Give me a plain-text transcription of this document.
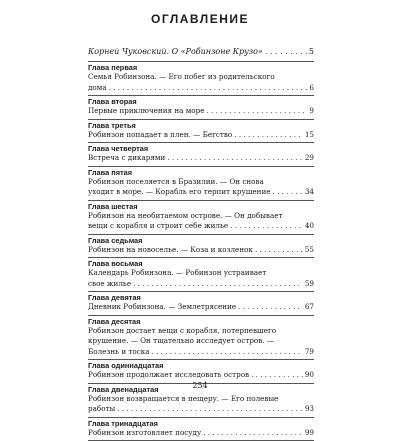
ОГЛАВЛЕНИЕ
Корней Чуковский.
О «Робинзоне Крузо» . . .	5
Глава первая
Семья Робинзона. — Его побег из родительского
дома . . .	6
Глава вторая
Первые приключения на море . . .	9
Глава третья
Робинзон попадает в плен. — Бегство . . .	15
Глава четвертая
Встреча с дикарями . . .	29
Глава пятая
Робинзон поселяется в Бразилии. — Он снова
уходит в море. — Корабль его терпит крушение . . .	34
Глава шестая
Робинзон на необитаемом острове. — Он добывает
вещи с корабля и строит себе жилье . . .	40
Глава седьмая
Робинзон на новоселье. — Коза и козленок . . .	55
Глава восьмая
Календарь Робинзона. — Робинзон устраивает
свое жилье . . .	59
Глава девятая
Дневник Робинзона. — Землетрясение . . .	67
Глава десятая
Робинзон достает вещи с корабля, потерпевшего
крушение. — Он тщательно исследует остров. —
Болезнь и тоска . . .	79
Глава одиннадцатая
Робинзон продолжает исследовать остров . . .	90
Глава двенадцатая
Робинзон возвращается в пещеру. — Его полевые
работы . . .	93
Глава тринадцатая
Робинзон изготовляет посуду . . .	99
254
